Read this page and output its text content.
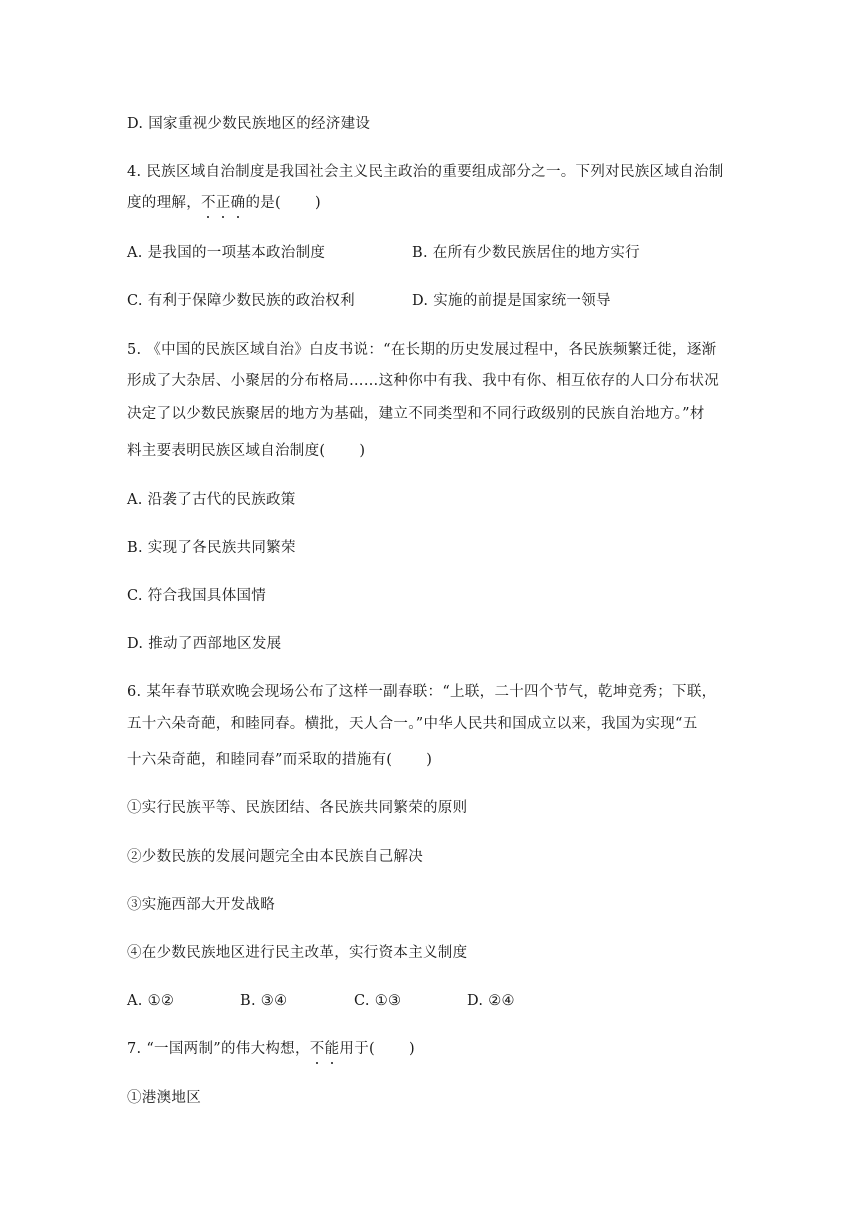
D. 国家重视少数民族地区的经济建设
4. 民族区域自治制度是我国社会主义民主政治的重要组成部分之一。下列对民族区域自治制
度的理解，不正确的是( )
A. 是我国的一项基本政治制度	B. 在所有少数民族居住的地方实行
C. 有利于保障少数民族的政治权利	D. 实施的前提是国家统一领导
5. 《中国的民族区域自治》白皮书说：“在长期的历史发展过程中，各民族频繁迁徙，逐渐
形成了大杂居、小聚居的分布格局……这种你中有我、我中有你、相互依存的人口分布状况
决定了以少数民族聚居的地方为基础，建立不同类型和不同行政级别的民族自治地方。”材
料主要表明民族区域自治制度( )
A. 沿袭了古代的民族政策
B. 实现了各民族共同繁荣
C. 符合我国具体国情
D. 推动了西部地区发展
6. 某年春节联欢晚会现场公布了这样一副春联：“上联，二十四个节气，乾坤竞秀；下联，
五十六朵奇葩，和睦同春。横批，天人合一。”中华人民共和国成立以来，我国为实现“五
十六朵奇葩，和睦同春”而采取的措施有( )
①实行民族平等、民族团结、各民族共同繁荣的原则
②少数民族的发展问题完全由本民族自己解决
③实施西部大开发战略
④在少数民族地区进行民主改革，实行资本主义制度
A. ①②	B. ③④	C. ①③	D. ②④
7. “一国两制”的伟大构想，不能用于( )
①港澳地区
